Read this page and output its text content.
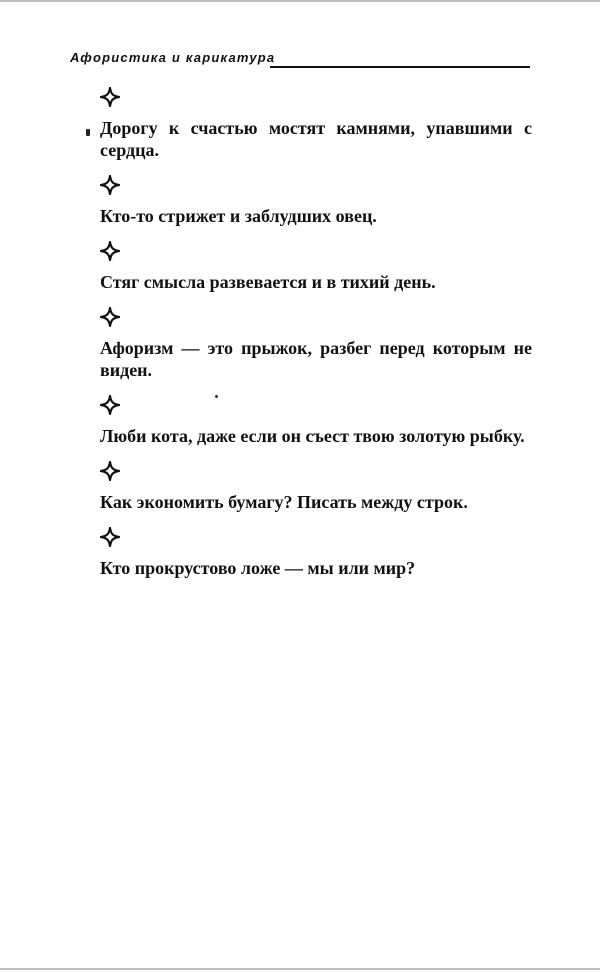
Афористика и карикатура
Дорогу к счастью мостят камнями, упавшими с сердца.
Кто-то стрижет и заблудших овец.
Стяг смысла развевается и в тихий день.
Афоризм — это прыжок, разбег перед которым не виден.
Люби кота, даже если он съест твою золотую рыбку.
Как экономить бумагу? Писать между строк.
Кто прокрустово ложе — мы или мир?
